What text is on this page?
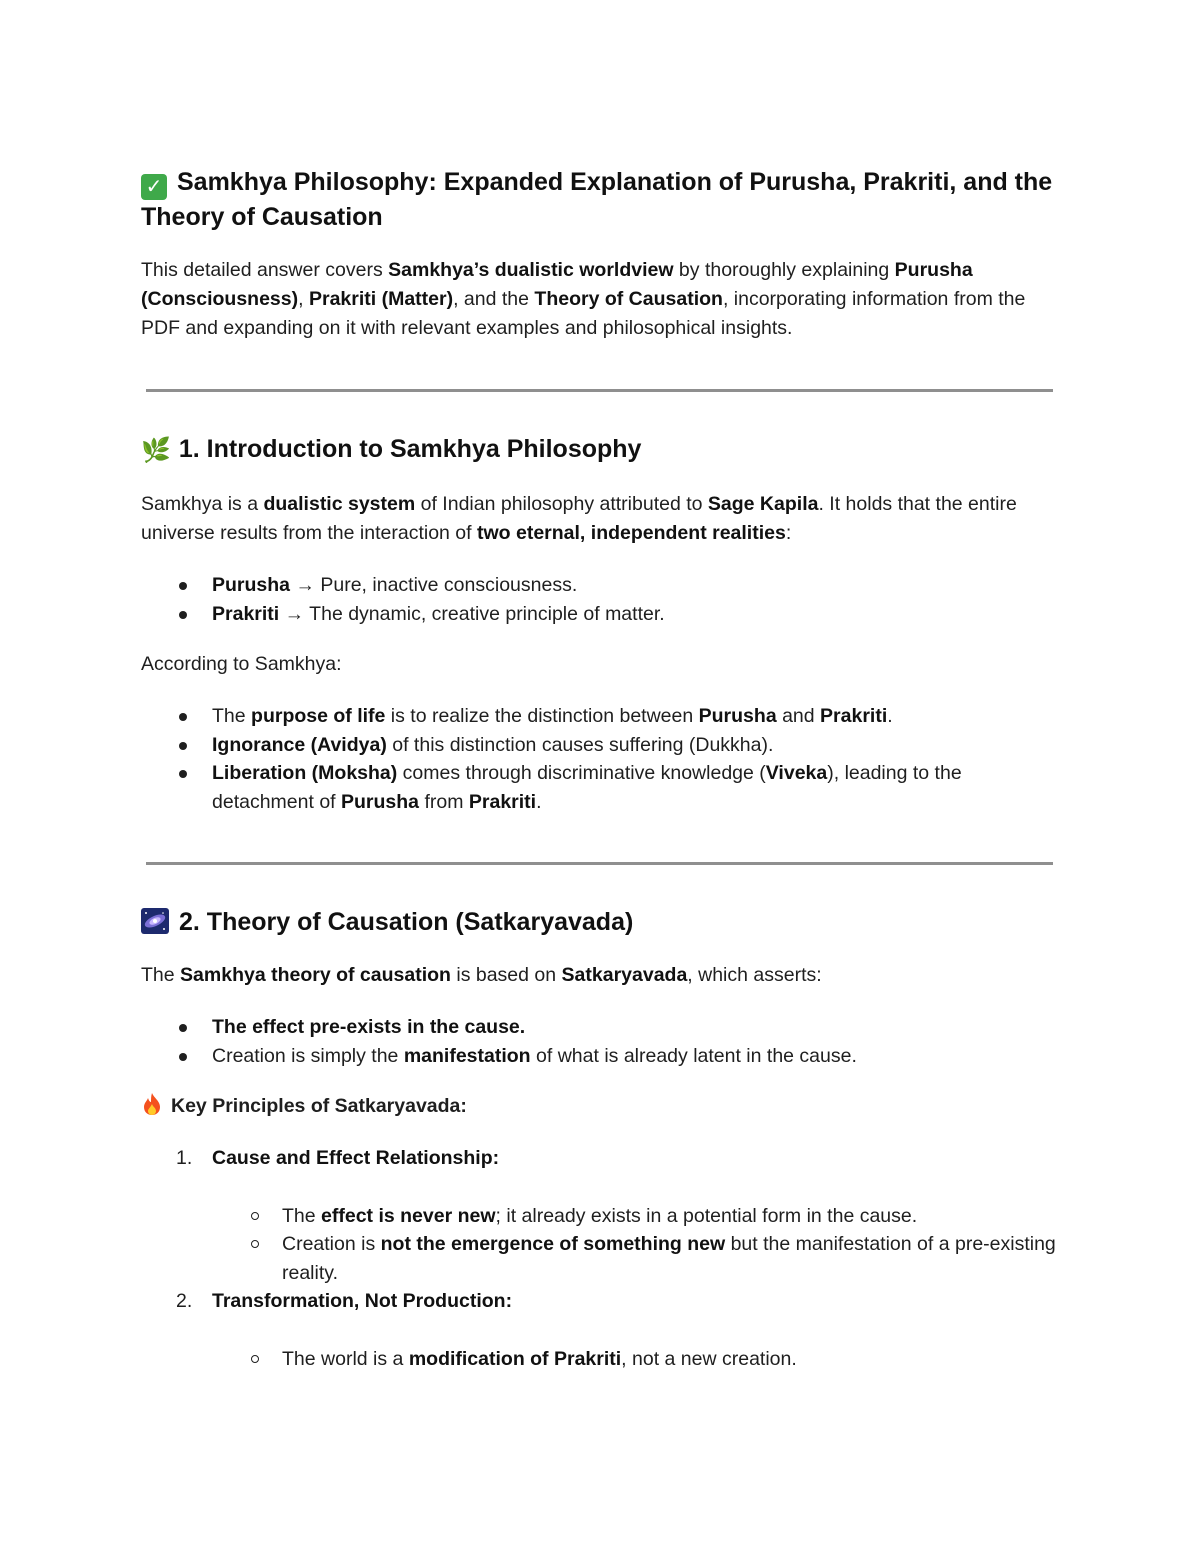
✓ Samkhya Philosophy: Expanded Explanation of Purusha, Prakriti, and the Theory of Causation

This detailed answer covers Samkhya’s dualistic worldview by thoroughly explaining Purusha (Consciousness), Prakriti (Matter), and the Theory of Causation, incorporating information from the PDF and expanding on it with relevant examples and philosophical insights.

🌿 1. Introduction to Samkhya Philosophy

Samkhya is a dualistic system of Indian philosophy attributed to Sage Kapila. It holds that the entire universe results from the interaction of two eternal, independent realities:

Purusha → Pure, inactive consciousness.
Prakriti → The dynamic, creative principle of matter.

According to Samkhya:

The purpose of life is to realize the distinction between Purusha and Prakriti.
Ignorance (Avidya) of this distinction causes suffering (Dukkha).
Liberation (Moksha) comes through discriminative knowledge (Viveka), leading to the detachment of Purusha from Prakriti.
2. Theory of Causation (Satkaryavada)

The Samkhya theory of causation is based on Satkaryavada, which asserts:

The effect pre-exists in the cause.
Creation is simply the manifestation of what is already latent in the cause.
Key Principles of Satkaryavada:
1. Cause and Effect Relationship:
The effect is never new; it already exists in a potential form in the cause.
Creation is not the emergence of something new but the manifestation of a pre-existing reality.
2. Transformation, Not Production:
The world is a modification of Prakriti, not a new creation.
